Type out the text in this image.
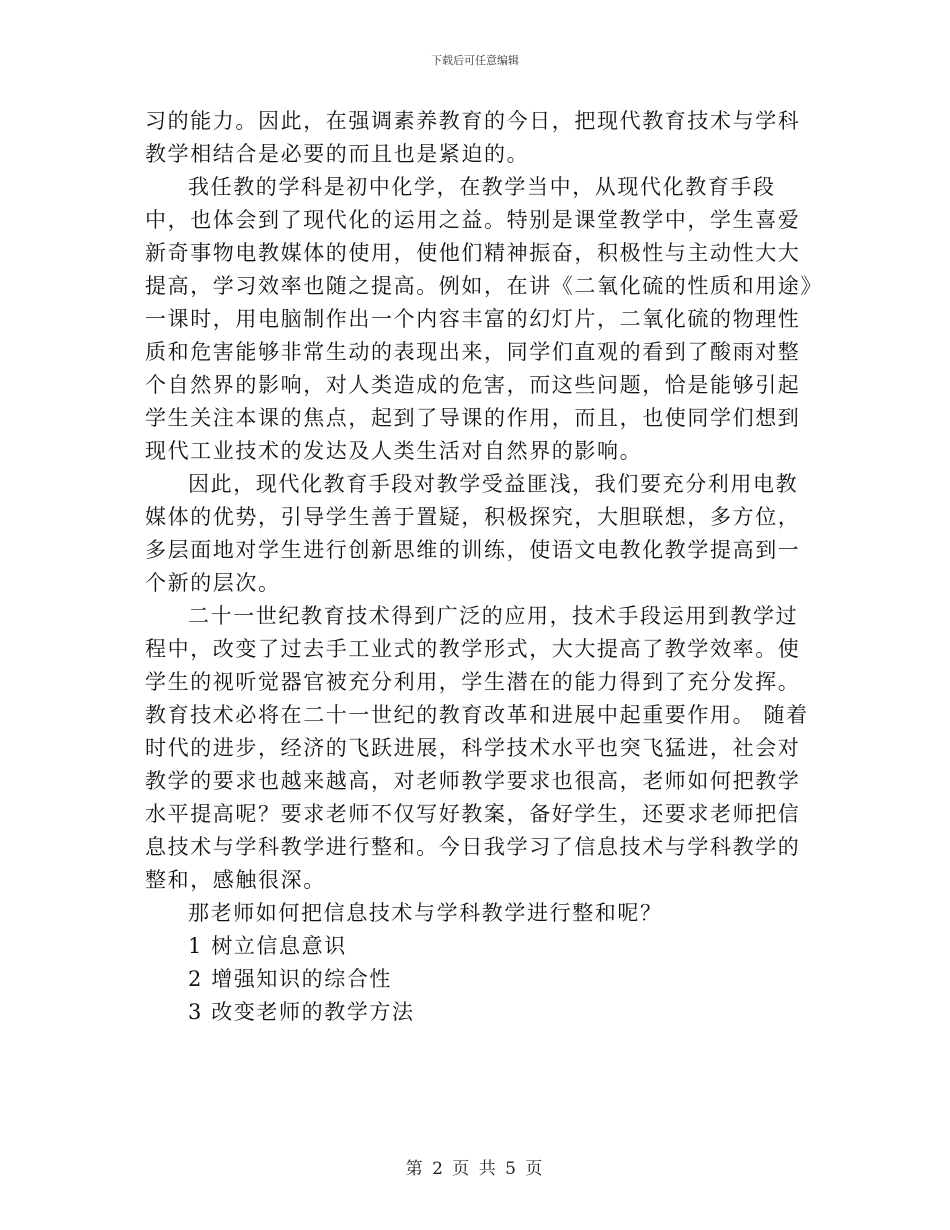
下载后可任意编辑

习的能力。因此，在强调素养教育的今日，把现代教育技术与学科教学相结合是必要的而且也是紧迫的。

我任教的学科是初中化学，在教学当中，从现代化教育手段中，也体会到了现代化的运用之益。特别是课堂教学中，学生喜爱新奇事物电教媒体的使用，使他们精神振奋，积极性与主动性大大提高，学习效率也随之提高。例如，在讲《二氧化硫的性质和用途》一课时，用电脑制作出一个内容丰富的幻灯片，二氧化硫的物理性质和危害能够非常生动的表现出来，同学们直观的看到了酸雨对整个自然界的影响，对人类造成的危害，而这些问题，恰是能够引起学生关注本课的焦点，起到了导课的作用，而且，也使同学们想到现代工业技术的发达及人类生活对自然界的影响。

因此，现代化教育手段对教学受益匪浅，我们要充分利用电教媒体的优势，引导学生善于置疑，积极探究，大胆联想，多方位，多层面地对学生进行创新思维的训练，使语文电教化教学提高到一个新的层次。

二十一世纪教育技术得到广泛的应用，技术手段运用到教学过程中，改变了过去手工业式的教学形式，大大提高了教学效率。使学生的视听觉器官被充分利用，学生潜在的能力得到了充分发挥。教育技术必将在二十一世纪的教育改革和进展中起重要作用。 随着时代的进步，经济的飞跃进展，科学技术水平也突飞猛进，社会对教学的要求也越来越高，对老师教学要求也很高，老师如何把教学水平提高呢？要求老师不仅写好教案，备好学生，还要求老师把信息技术与学科教学进行整和。今日我学习了信息技术与学科教学的整和，感触很深。

那老师如何把信息技术与学科教学进行整和呢？

1 树立信息意识

2 增强知识的综合性

3 改变老师的教学方法

第 2 页 共 5 页
